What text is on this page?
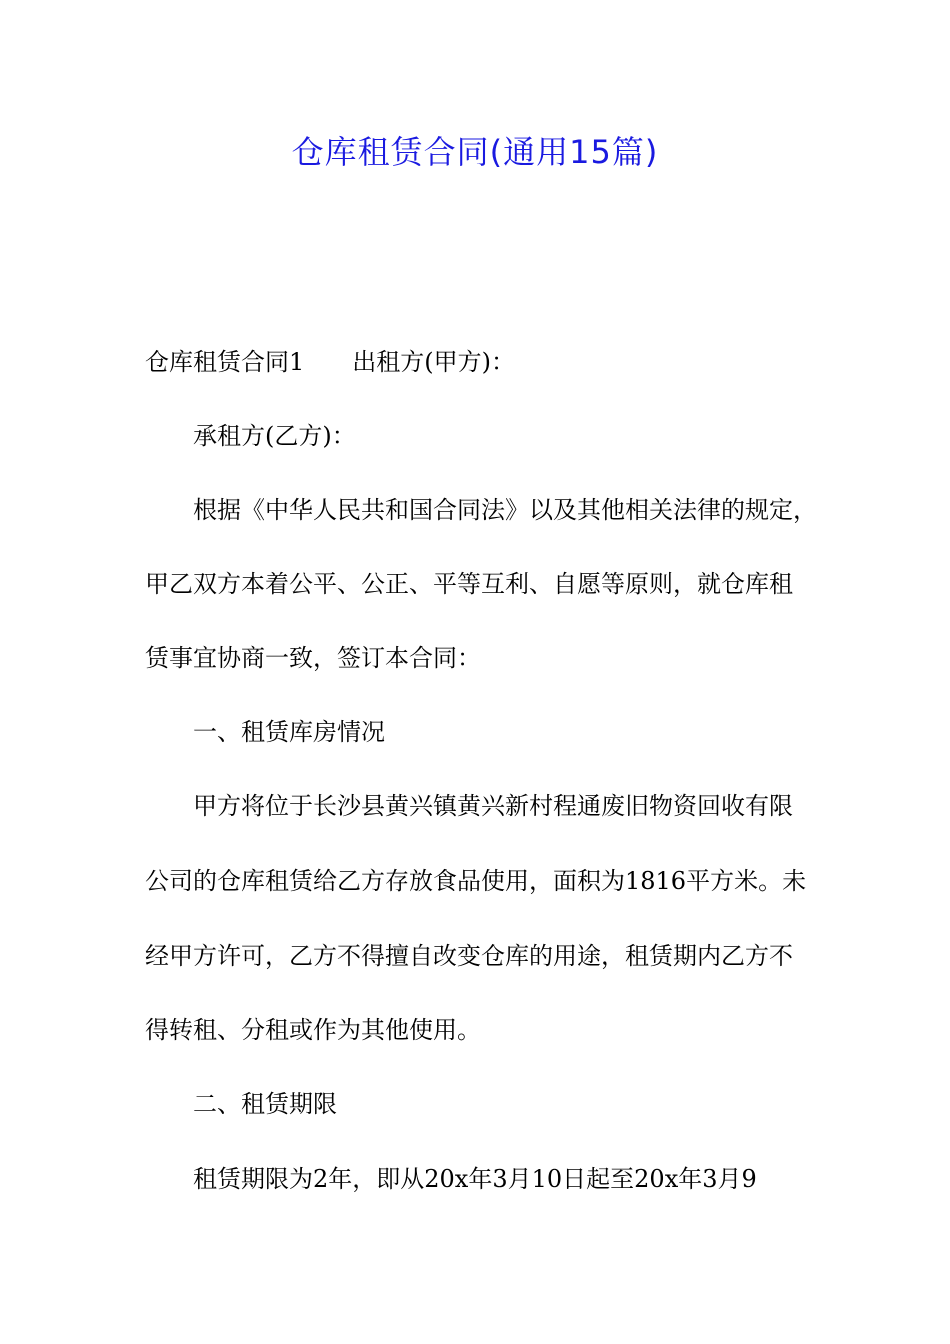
仓库租赁合同(通用15篇)
仓库租赁合同1　　出租方(甲方)：
承租方(乙方)：
根据《中华人民共和国合同法》以及其他相关法律的规定，
甲乙双方本着公平、公正、平等互利、自愿等原则，就仓库租
赁事宜协商一致，签订本合同：
一、租赁库房情况
甲方将位于长沙县黄兴镇黄兴新村程通废旧物资回收有限
公司的仓库租赁给乙方存放食品使用，面积为1816平方米。未
经甲方许可，乙方不得擅自改变仓库的用途，租赁期内乙方不
得转租、分租或作为其他使用。
二、租赁期限
租赁期限为2年，即从20x年3月10日起至20x年3月9
